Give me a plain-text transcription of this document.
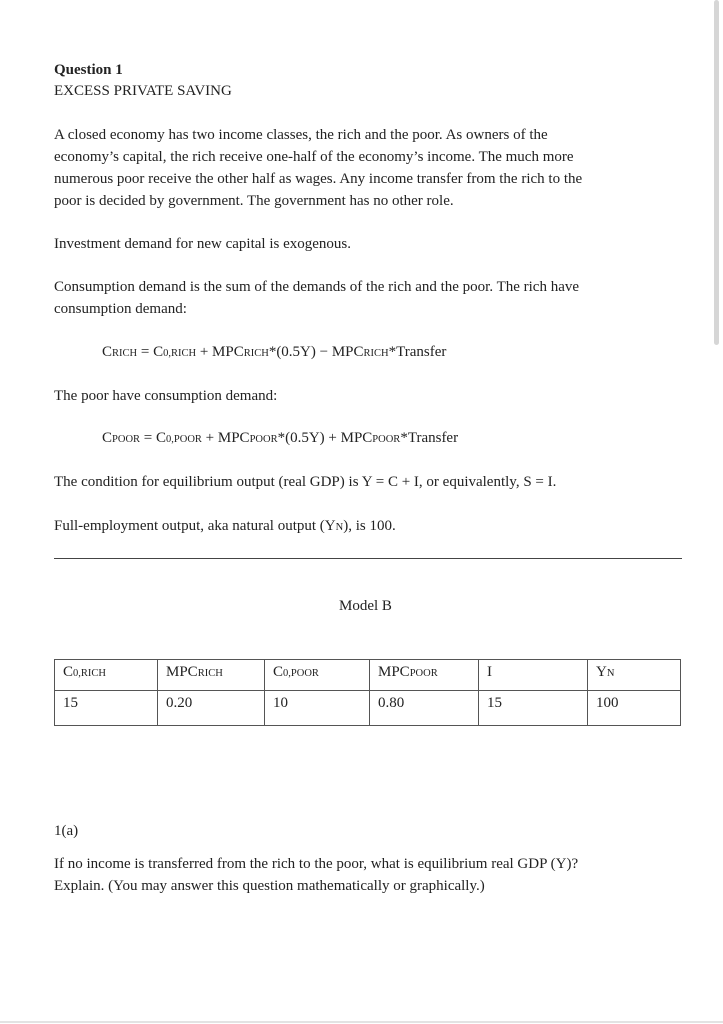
Question 1
EXCESS PRIVATE SAVING
A closed economy has two income classes, the rich and the poor. As owners of the
economy’s capital, the rich receive one-half of the economy’s income. The much more
numerous poor receive the other half as wages. Any income transfer from the rich to the
poor is decided by government. The government has no other role.
Investment demand for new capital is exogenous.
Consumption demand is the sum of the demands of the rich and the poor. The rich have
consumption demand:
CRICH = C0,RICH + MPCRICH*(0.5Y) − MPCRICH*Transfer
The poor have consumption demand:
CPOOR = C0,POOR + MPCPOOR*(0.5Y) + MPCPOOR*Transfer
The condition for equilibrium output (real GDP) is Y = C + I, or equivalently, S = I.
Full-employment output, aka natural output (YN), is 100.
Model B
C0,RICH	MPCRICH	C0,POOR	MPCPOOR	I	YN
15	0.20	10	0.80	15	100
1(a)
If no income is transferred from the rich to the poor, what is equilibrium real GDP (Y)?
Explain. (You may answer this question mathematically or graphically.)
